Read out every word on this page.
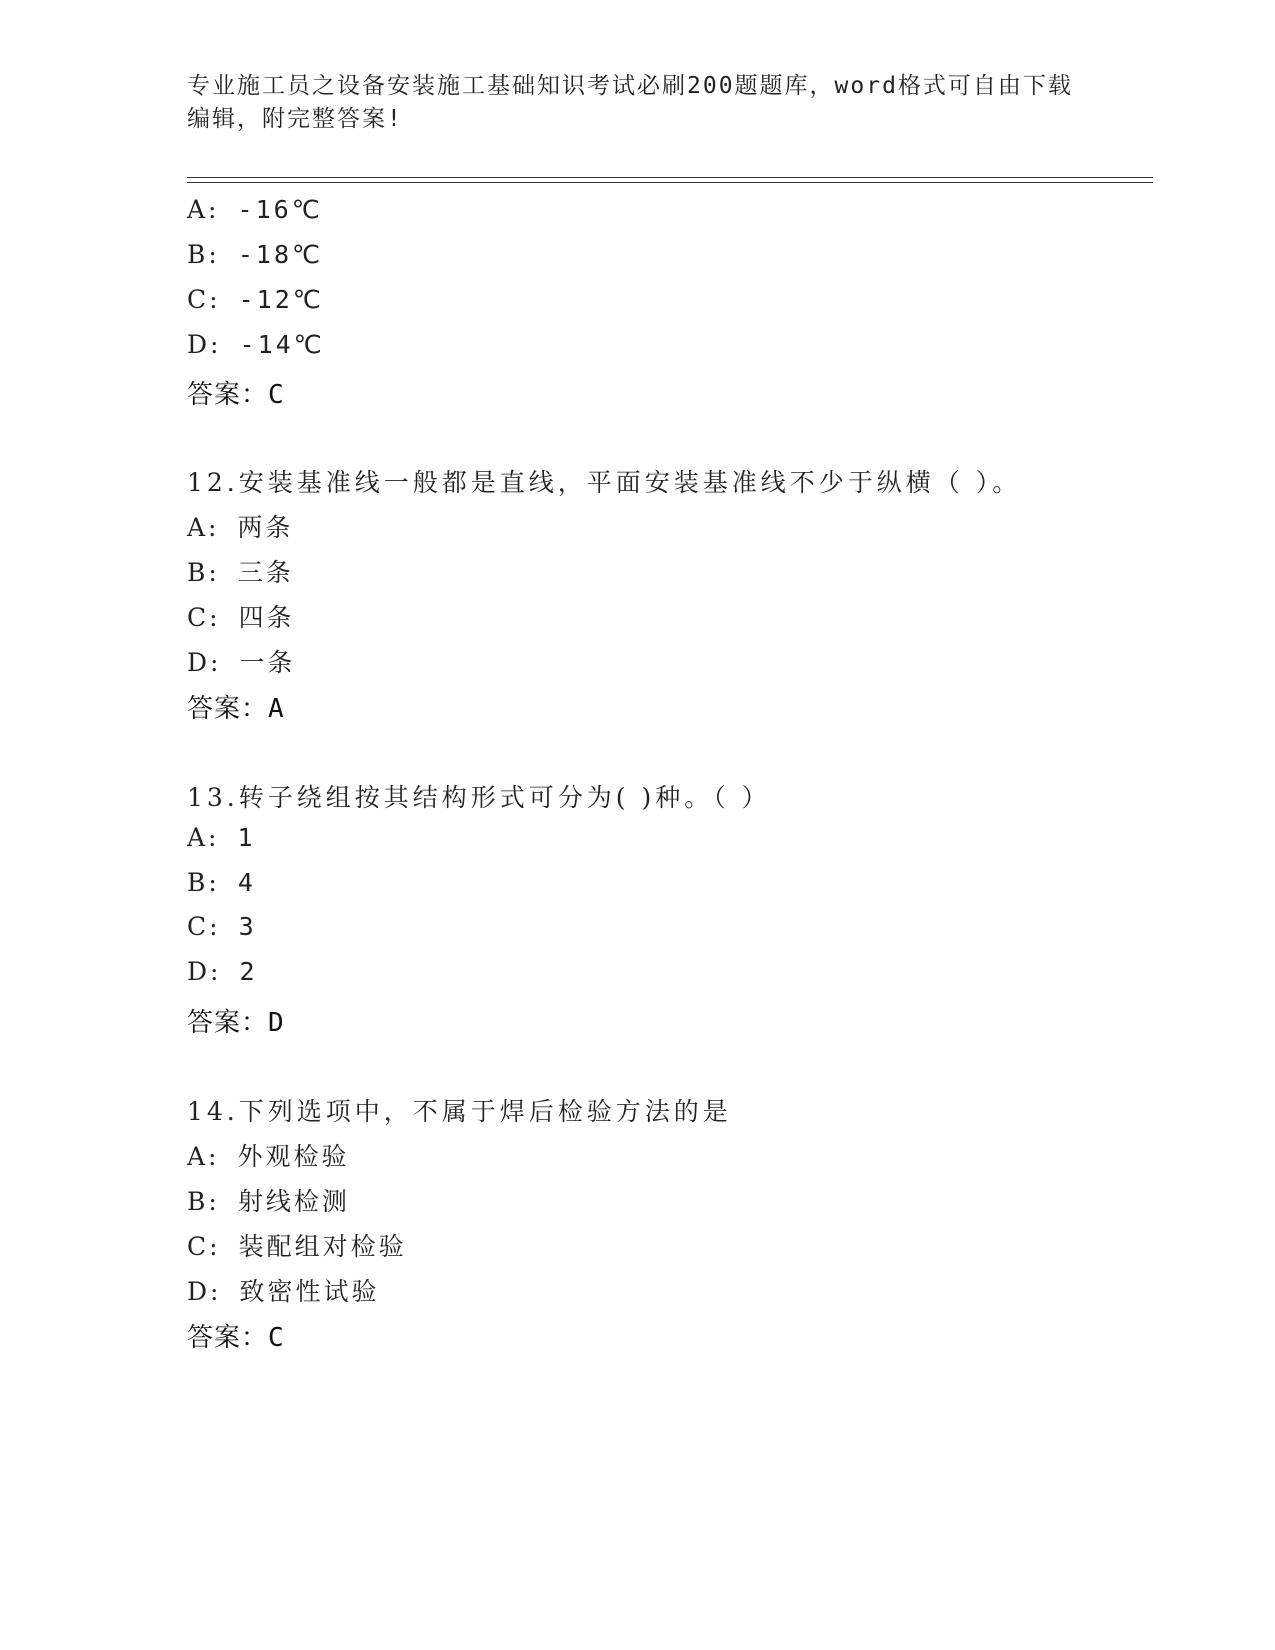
专业施工员之设备安装施工基础知识考试必刷200题题库，word格式可自由下载
编辑，附完整答案!
A: -16℃
B: -18℃
C: -12℃
D: -14℃
答案：C
12.安装基准线一般都是直线，平面安装基准线不少于纵横（ ）。
A: 两条
B: 三条
C: 四条
D: 一条
答案：A
13.转子绕组按其结构形式可分为( )种。（ ）
A: 1
B: 4
C: 3
D: 2
答案：D
14.下列选项中，不属于焊后检验方法的是
A: 外观检验
B: 射线检测
C: 装配组对检验
D: 致密性试验
答案：C
